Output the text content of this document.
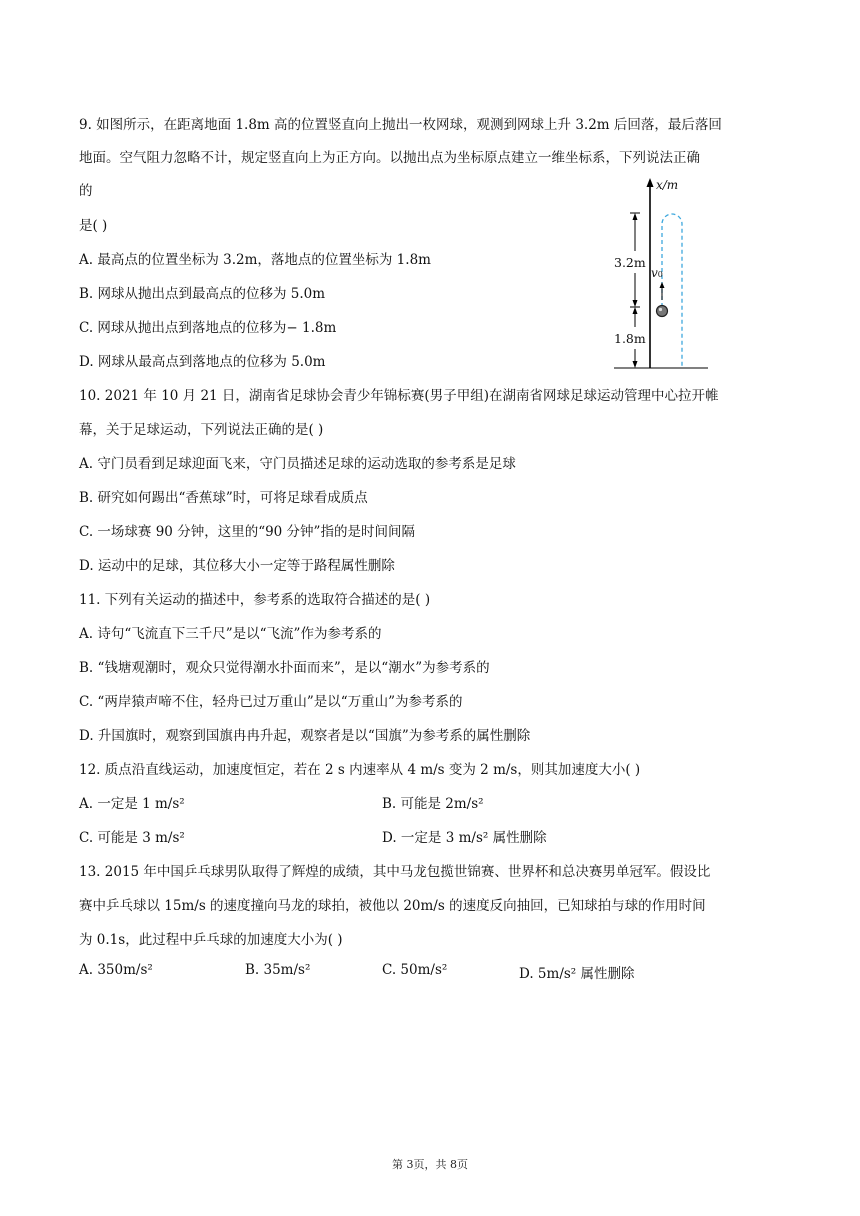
9. 如图所示，在距离地面 1.8m 高的位置竖直向上抛出一枚网球，观测到网球上升 3.2m 后回落，最后落回
地面。空气阻力忽略不计，规定竖直向上为正方向。以抛出点为坐标原点建立一维坐标系，下列说法正确
的
是( )
A. 最高点的位置坐标为 3.2m，落地点的位置坐标为 1.8m
B. 网球从抛出点到最高点的位移为 5.0m
C. 网球从抛出点到落地点的位移为− 1.8m
D. 网球从最高点到落地点的位移为 5.0m
x/m
3.2m
1.8m
v0
10. 2021 年 10 月 21 日，湖南省足球协会青少年锦标赛(男子甲组)在湖南省网球足球运动管理中心拉开帷
幕，关于足球运动，下列说法正确的是( )
A. 守门员看到足球迎面飞来，守门员描述足球的运动选取的参考系是足球
B. 研究如何踢出“香蕉球”时，可将足球看成质点
C. 一场球赛 90 分钟，这里的“90 分钟”指的是时间间隔
D. 运动中的足球，其位移大小一定等于路程属性删除
11. 下列有关运动的描述中，参考系的选取符合描述的是( )
A. 诗句“飞流直下三千尺”是以“飞流”作为参考系的
B. “钱塘观潮时，观众只觉得潮水扑面而来”，是以“潮水”为参考系的
C. “两岸猿声啼不住，轻舟已过万重山”是以“万重山”为参考系的
D. 升国旗时，观察到国旗冉冉升起，观察者是以“国旗”为参考系的属性删除
12. 质点沿直线运动，加速度恒定，若在 2 s 内速率从 4 m/s 变为 2 m/s，则其加速度大小( )
A. 一定是 1 m/s²	B. 可能是 2m/s²
C. 可能是 3 m/s²	D. 一定是 3 m/s² 属性删除
13. 2015 年中国乒乓球男队取得了辉煌的成绩，其中马龙包揽世锦赛、世界杯和总决赛男单冠军。假设比
赛中乒乓球以 15m/s 的速度撞向马龙的球拍，被他以 20m/s 的速度反向抽回，已知球拍与球的作用时间
为 0.1s，此过程中乒乓球的加速度大小为( )
A. 350m/s²	B. 35m/s²	C. 50m/s²	D. 5m/s² 属性删除
第 3页，共 8页
